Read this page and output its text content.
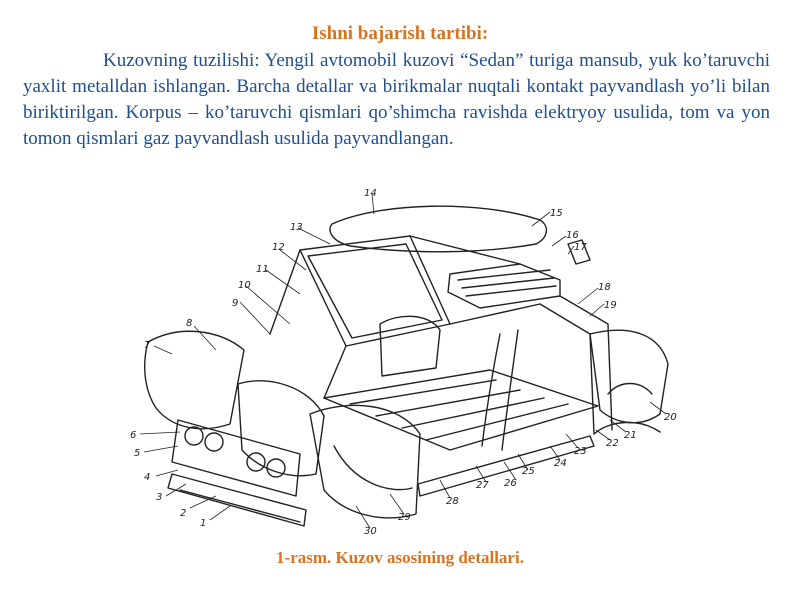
Ishni bajarish tartibi:

Kuzovning tuzilishi: Yengil avtomobil kuzovi “Sedan” turiga mansub, yuk ko’taruvchi yaxlit metalldan ishlangan. Barcha detallar va birikmalar nuqtali kontakt payvandlash yo’li bilan biriktirilgan. Korpus – ko’taruvchi qismlari qo’shimcha ravishda elektryoy usulida, tom va yon tomon qismlari gaz payvandlash usulida payvandlangan.

1
2
3
4
5
6
7
8
9
10
11
12
13
14
15
16
17
18
19
20
21
22
23
24
25
26
27
28
29
30
1-rasm. Kuzov asosining detallari.
